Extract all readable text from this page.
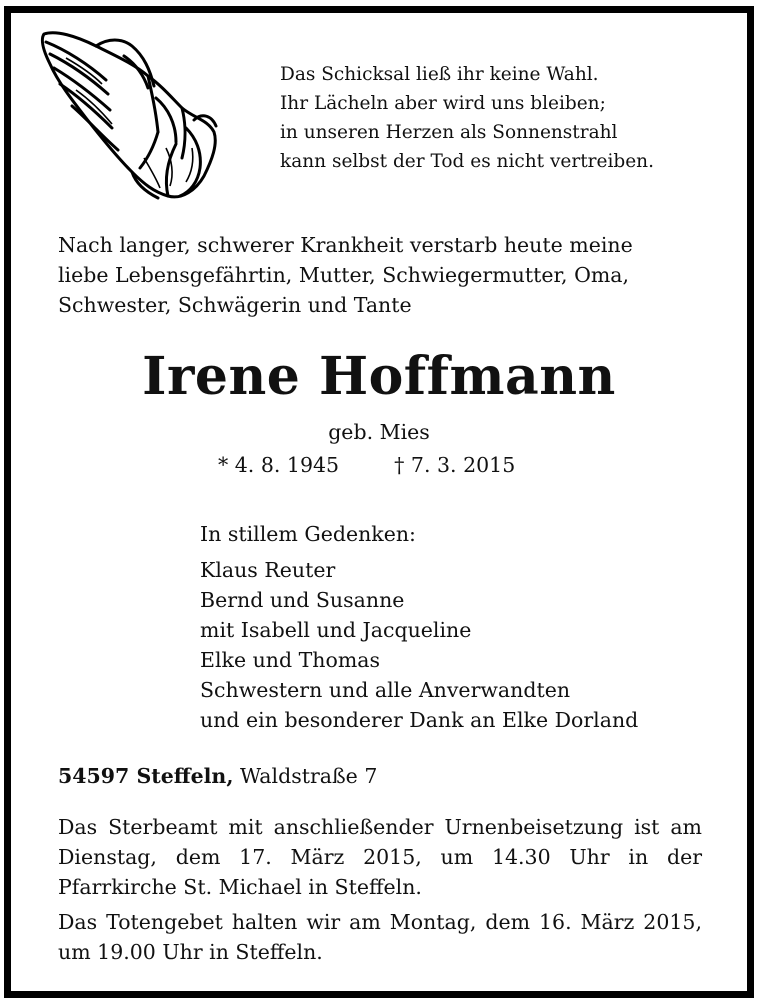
Das Schicksal ließ ihr keine Wahl.
Ihr Lächeln aber wird uns bleiben;
in unseren Herzen als Sonnenstrahl
kann selbst der Tod es nicht vertreiben.
Nach langer, schwerer Krankheit verstarb heute meine
liebe Lebensgefährtin, Mutter, Schwiegermutter, Oma,
Schwester, Schwägerin und Tante
Irene Hoffmann
geb. Mies
* 4. 8. 1945	† 7. 3. 2015
In stillem Gedenken:
Klaus Reuter
Bernd und Susanne
mit Isabell und Jacqueline
Elke und Thomas
Schwestern und alle Anverwandten
und ein besonderer Dank an Elke Dorland
54597 Steffeln, Waldstraße 7
Das Sterbeamt mit anschließender Urnenbeisetzung ist am Dienstag, dem 17. März 2015, um 14.30 Uhr in der Pfarrkirche St. Michael in Steffeln.
Das Totengebet halten wir am Montag, dem 16. März 2015, um 19.00 Uhr in Steffeln.
